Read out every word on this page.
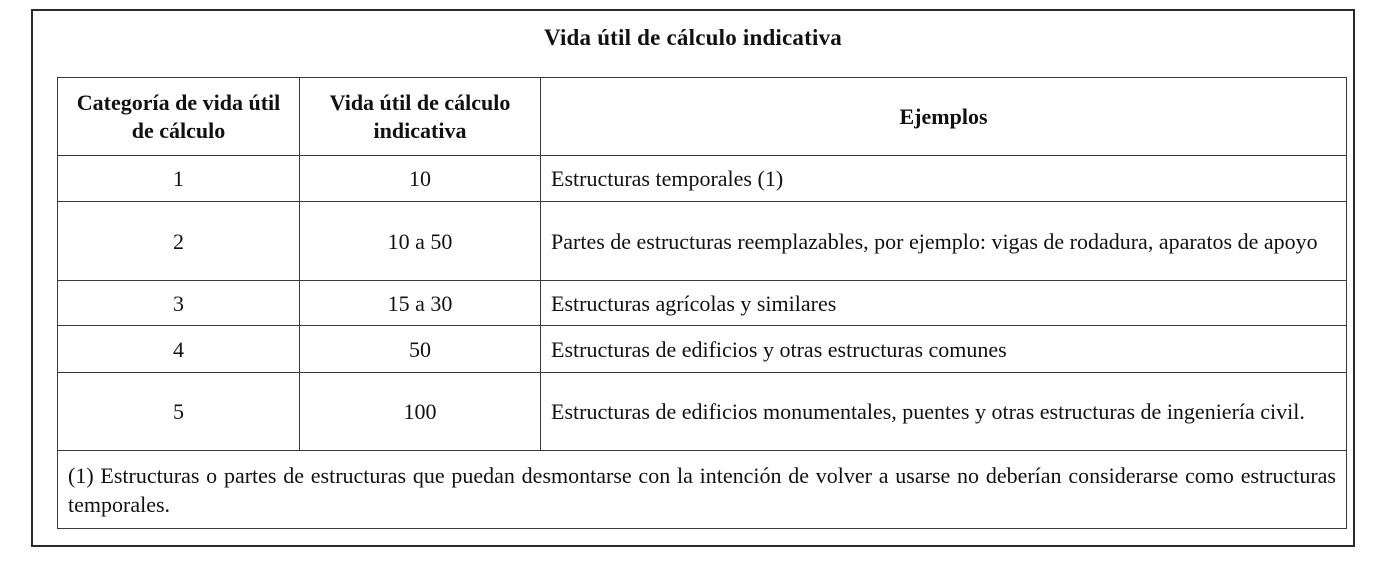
Vida útil de cálculo indicativa
Categoría de vida útil de cálculo	Vida útil de cálculo indicativa	Ejemplos
1	10	Estructuras temporales (1)
2	10 a 50	Partes de estructuras reemplazables, por ejemplo: vigas de rodadura, aparatos de apoyo
3	15 a 30	Estructuras agrícolas y similares
4	50	Estructuras de edificios y otras estructuras comunes
5	100	Estructuras de edificios monumentales, puentes y otras estructuras de ingeniería civil.
(1) Estructuras o partes de estructuras que puedan desmontarse con la intención de volver a usarse no deberían considerarse como estructuras temporales.		
